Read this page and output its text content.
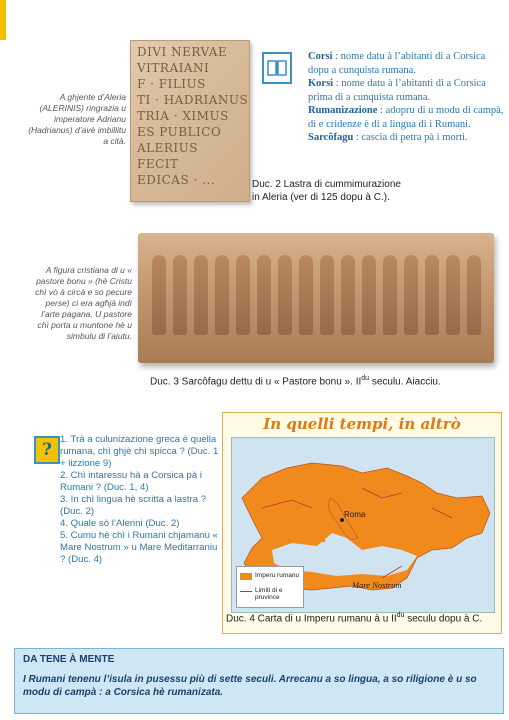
DIVI NERVAE
VITRAIANI
F · FILIUS
TI · HADRIANUS
TRIA · XIMUS
ES PUBLICO
ALERIUS
FECIT
EDICAS · ...
A ghjente d’Aleria (ALERINIS) ringrazia u imperatore Adrianu (Hadrianus) d’avè imbillitu a cità.
Corsi : nome datu à l’abitanti di a Corsica dopu a cunquista rumana.
Korsi : nome datu à l’abitanti di a Corsica prima di a cunquista rumana.
Rumanizazione : adopru di u modu di campà, di e cridenze è di a lingua di i Rumani.
Sarcôfagu : cascia di petra pà i morti.
Duc. 2 Lastra di cummimurazione in Aleria (ver di 125 dopu à C.).
A figura cristiana di u « pastore bonu » (hè Cristu chì vò à circà e so pecure perse) ci era agħjà indì l’arte pagana. U pastore chì porta u muntone hè u simbulu di l’aiutu.
Duc. 3 Sarcôfagu dettu di u « Pastore bonu ». $II^{du}$ seculu. Aiacciu.
?

1. Trà a culunizazione greca è quella rumana, chì ghjè chì spicca ? (Duc. 1 + lizzione 9)

2. Chì intaressu hà a Corsica pà i Rumani ? (Duc. 1, 4)

3. In chì lingua hè scritta a lastra ? (Duc. 2)

4. Quale sò l’Alerini (Duc. 2)

5. Cumu hè chì i Rumani chjamanu « Mare Nostrum » u Mare Meditarraniu ? (Duc. 4)

In quelli tempi, in altrò
Roma
Mare Nostrum
Imperu rumanu
Limiti di e pruvince
Duc. 4 Carta di u Imperu rumanu à u $II^{du}$ seculu dopu à C.
DA TENE À MENTE
I Rumani tenenu l’isula in pusessu più di sette seculi. Arrecanu a so lingua, a so riligione è u so modu di campà : a Corsica hè rumanizata.
